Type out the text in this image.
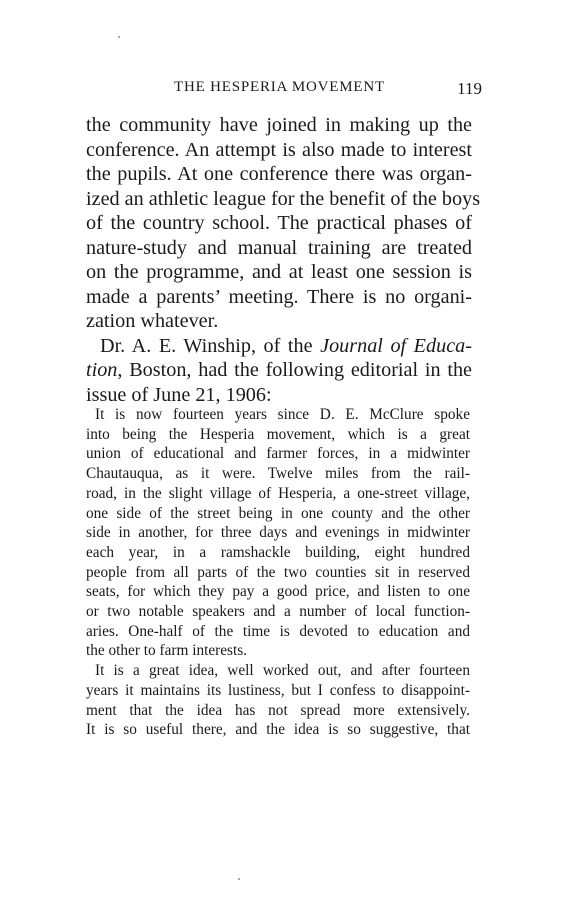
THE HESPERIA MOVEMENT	119
the community have joined in making up the
conference. An attempt is also made to interest
the pupils. At one conference there was organ-
ized an athletic league for the benefit of the boys
of the country school. The practical phases of
nature-study and manual training are treated
on the programme, and at least one session is
made a parents’ meeting. There is no organi-
zation whatever.
Dr. A. E. Winship, of the Journal of Educa-
tion, Boston, had the following editorial in the
issue of June 21, 1906:
It is now fourteen years since D. E. McClure spoke
into being the Hesperia movement, which is a great
union of educational and farmer forces, in a midwinter
Chautauqua, as it were. Twelve miles from the rail-
road, in the slight village of Hesperia, a one-street village,
one side of the street being in one county and the other
side in another, for three days and evenings in midwinter
each year, in a ramshackle building, eight hundred
people from all parts of the two counties sit in reserved
seats, for which they pay a good price, and listen to one
or two notable speakers and a number of local function-
aries. One-half of the time is devoted to education and
the other to farm interests.
It is a great idea, well worked out, and after fourteen
years it maintains its lustiness, but I confess to disappoint-
ment that the idea has not spread more extensively.
It is so useful there, and the idea is so suggestive, that
